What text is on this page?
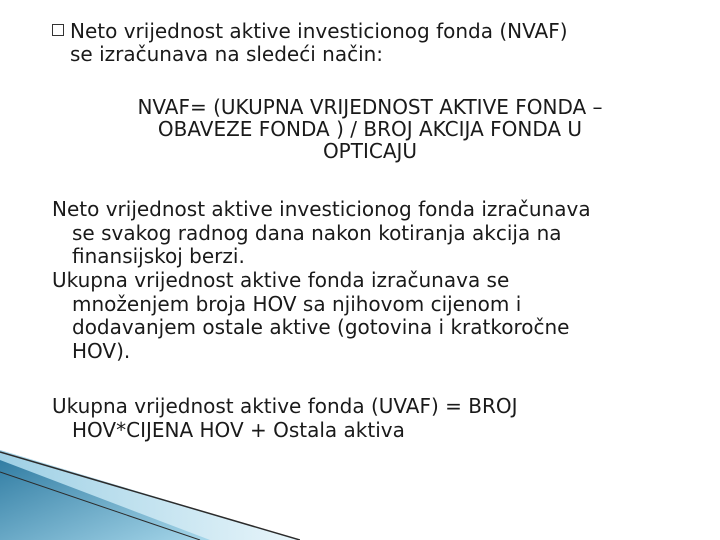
Neto vrijednost aktive investicionog fonda (NVAF)
se izračunava na sledeći način:
NVAF= (UKUPNA VRIJEDNOST AKTIVE FONDA –
OBAVEZE FONDA ) / BROJ AKCIJA FONDA U
OPTICAJU
Neto vrijednost aktive investicionog fonda izračunava
se svakog radnog dana nakon kotiranja akcija na
finansijskoj berzi.
Ukupna vrijednost aktive fonda izračunava se
množenjem broja HOV sa njihovom cijenom i
dodavanjem ostale aktive (gotovina i kratkoročne
HOV).
Ukupna vrijednost aktive fonda (UVAF) = BROJ
HOV*CIJENA HOV + Ostala aktiva
